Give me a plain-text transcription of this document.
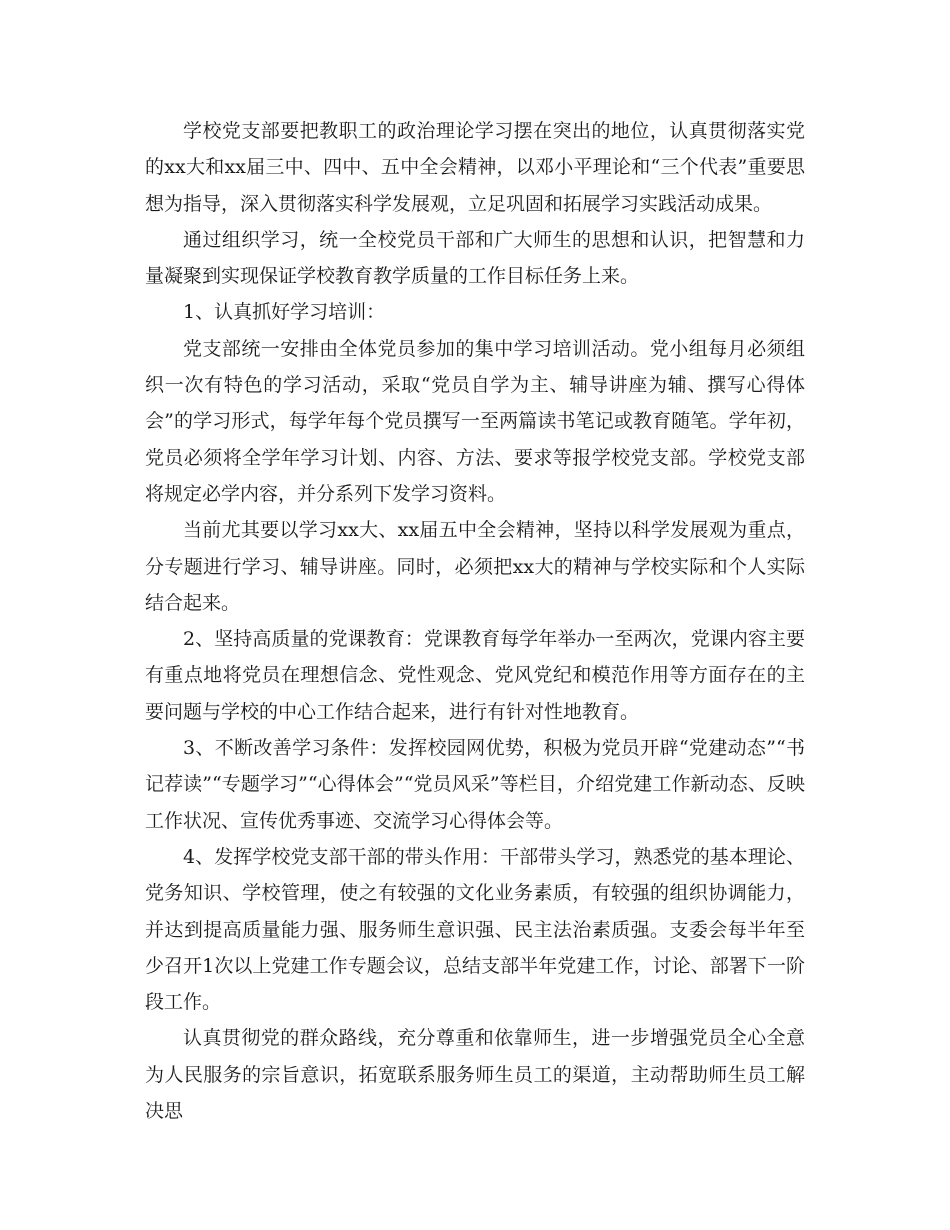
学校党支部要把教职工的政治理论学习摆在突出的地位，认真贯彻落实党的xx大和xx届三中、四中、五中全会精神，以邓小平理论和“三个代表”重要思想为指导，深入贯彻落实科学发展观，立足巩固和拓展学习实践活动成果。

通过组织学习，统一全校党员干部和广大师生的思想和认识，把智慧和力量凝聚到实现保证学校教育教学质量的工作目标任务上来。

1、认真抓好学习培训：

党支部统一安排由全体党员参加的集中学习培训活动。党小组每月必须组织一次有特色的学习活动，采取“党员自学为主、辅导讲座为辅、撰写心得体会”的学习形式，每学年每个党员撰写一至两篇读书笔记或教育随笔。学年初，党员必须将全学年学习计划、内容、方法、要求等报学校党支部。学校党支部将规定必学内容，并分系列下发学习资料。

当前尤其要以学习xx大、xx届五中全会精神，坚持以科学发展观为重点，分专题进行学习、辅导讲座。同时，必须把xx大的精神与学校实际和个人实际结合起来。

2、坚持高质量的党课教育：党课教育每学年举办一至两次，党课内容主要有重点地将党员在理想信念、党性观念、党风党纪和模范作用等方面存在的主要问题与学校的中心工作结合起来，进行有针对性地教育。

3、不断改善学习条件：发挥校园网优势，积极为党员开辟“党建动态”“书记荐读”“专题学习”“心得体会”“党员风采”等栏目，介绍党建工作新动态、反映工作状况、宣传优秀事迹、交流学习心得体会等。

4、发挥学校党支部干部的带头作用：干部带头学习，熟悉党的基本理论、党务知识、学校管理，使之有较强的文化业务素质，有较强的组织协调能力，并达到提高质量能力强、服务师生意识强、民主法治素质强。支委会每半年至少召开1次以上党建工作专题会议，总结支部半年党建工作，讨论、部署下一阶段工作。

认真贯彻党的群众路线，充分尊重和依靠师生，进一步增强党员全心全意为人民服务的宗旨意识，拓宽联系服务师生员工的渠道，主动帮助师生员工解决思
